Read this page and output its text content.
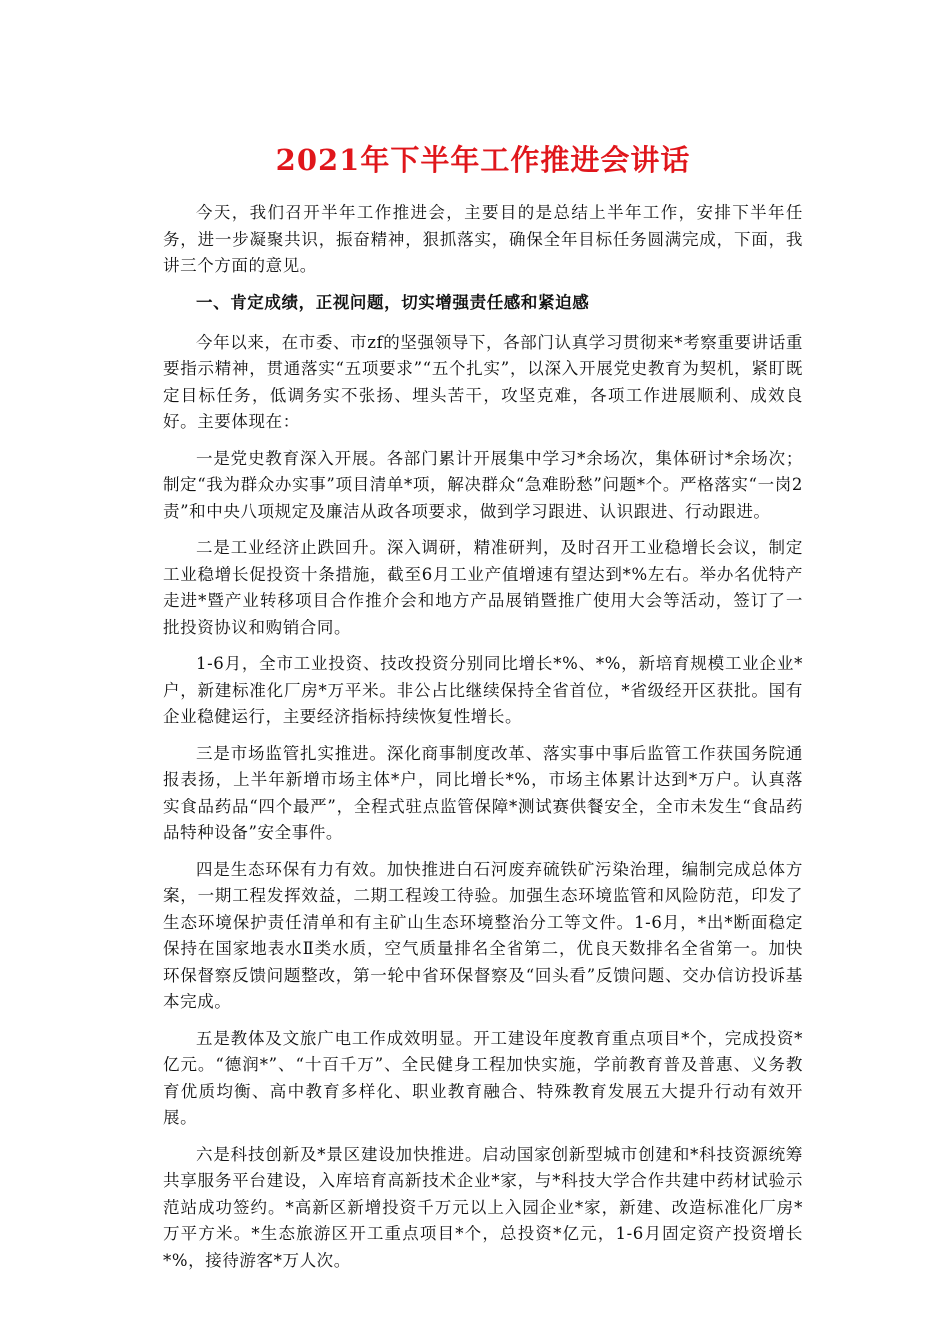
2021年下半年工作推进会讲话

今天，我们召开半年工作推进会，主要目的是总结上半年工作，安排下半年任务，进一步凝聚共识，振奋精神，狠抓落实，确保全年目标任务圆满完成，下面，我讲三个方面的意见。

一、肯定成绩，正视问题，切实增强责任感和紧迫感

今年以来，在市委、市zf的坚强领导下，各部门认真学习贯彻来*考察重要讲话重要指示精神，贯通落实“五项要求”“五个扎实”，以深入开展党史教育为契机，紧盯既定目标任务，低调务实不张扬、埋头苦干，攻坚克难，各项工作进展顺利、成效良好。主要体现在：

一是党史教育深入开展。各部门累计开展集中学习*余场次，集体研讨*余场次；制定“我为群众办实事”项目清单*项，解决群众“急难盼愁”问题*个。严格落实“一岗2责”和中央八项规定及廉洁从政各项要求，做到学习跟进、认识跟进、行动跟进。

二是工业经济止跌回升。深入调研，精准研判，及时召开工业稳增长会议，制定工业稳增长促投资十条措施，截至6月工业产值增速有望达到*%左右。举办名优特产走进*暨产业转移项目合作推介会和地方产品展销暨推广使用大会等活动，签订了一批投资协议和购销合同。

1-6月，全市工业投资、技改投资分别同比增长*%、*%，新培育规模工业企业*户，新建标准化厂房*万平米。非公占比继续保持全省首位，*省级经开区获批。国有企业稳健运行，主要经济指标持续恢复性增长。

三是市场监管扎实推进。深化商事制度改革、落实事中事后监管工作获国务院通报表扬，上半年新增市场主体*户，同比增长*%，市场主体累计达到*万户。认真落实食品药品“四个最严”，全程式驻点监管保障*测试赛供餐安全，全市未发生“食品药品特种设备”安全事件。

四是生态环保有力有效。加快推进白石河废弃硫铁矿污染治理，编制完成总体方案，一期工程发挥效益，二期工程竣工待验。加强生态环境监管和风险防范，印发了生态环境保护责任清单和有主矿山生态环境整治分工等文件。1-6月，*出*断面稳定保持在国家地表水Ⅱ类水质，空气质量排名全省第二，优良天数排名全省第一。加快环保督察反馈问题整改，第一轮中省环保督察及“回头看”反馈问题、交办信访投诉基本完成。

五是教体及文旅广电工作成效明显。开工建设年度教育重点项目*个，完成投资*亿元。“德润*”、“十百千万”、全民健身工程加快实施，学前教育普及普惠、义务教育优质均衡、高中教育多样化、职业教育融合、特殊教育发展五大提升行动有效开展。

六是科技创新及*景区建设加快推进。启动国家创新型城市创建和*科技资源统筹共享服务平台建设，入库培育高新技术企业*家，与*科技大学合作共建中药材试验示范站成功签约。*高新区新增投资千万元以上入园企业*家，新建、改造标准化厂房*万平方米。*生态旅游区开工重点项目*个，总投资*亿元，1-6月固定资产投资增长*%，接待游客*万人次。
